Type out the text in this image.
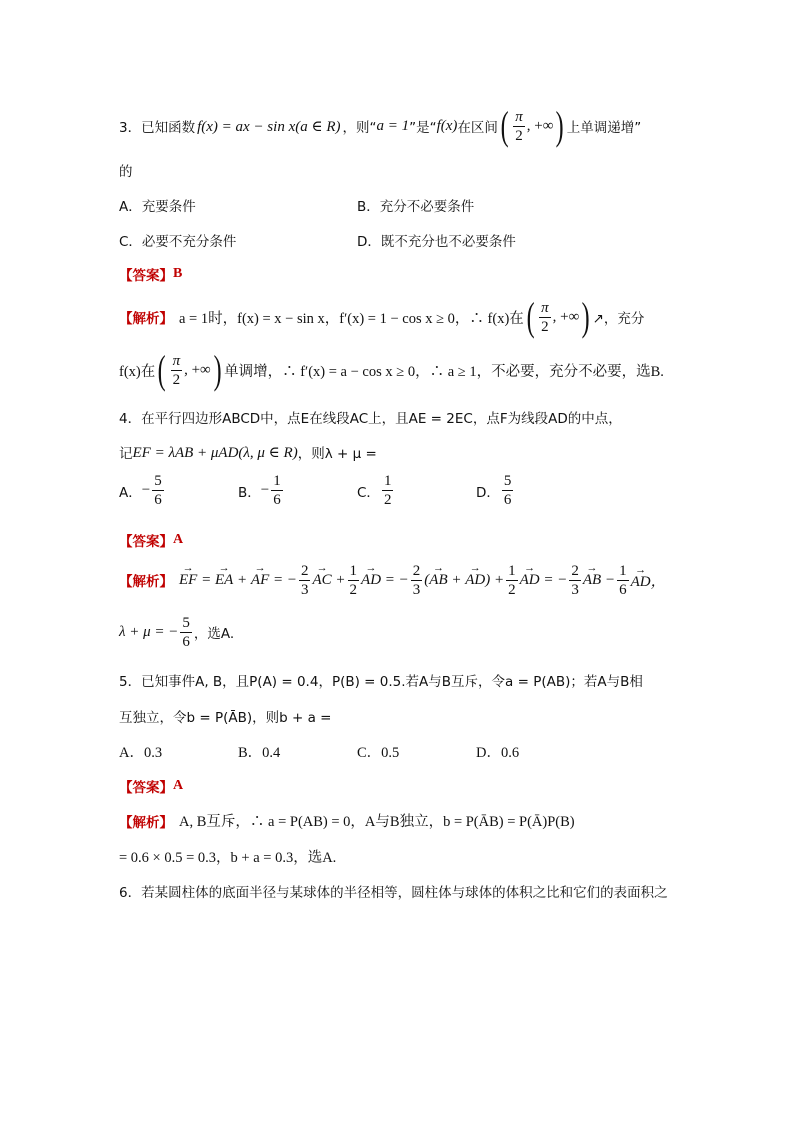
3．已知函数 f(x) = ax − sin x(a ∈ R) ，则“ a = 1 ”是“ f(x) 在区间 ( $\frac{\pi}{2}$ , +∞ ) 上单调递增”
的
A．充要条件	B．充分不必要条件
C．必要不充分条件	D．既不充分也不必要条件
【答案】 B
【解析】 a = 1时，f(x) = x − sin x，f′(x) = 1 − cos x ≥ 0，∴ f(x)在 ( $\frac{\pi}{2}$ , +∞ ) ↗，充分
f(x)在 ( $\frac{\pi}{2}$ , +∞ ) 单调增，∴ f′(x) = a − cos x ≥ 0，∴ a ≥ 1，不必要，充分不必要，选B.
4．在平行四边形ABCD中，点E在线段AC上，且AE = 2EC，点F为线段AD的中点，
记 EF = λAB + μAD(λ, μ ∈ R) ，则λ + μ =
A． − $\frac{5}{6}$	B． − $\frac{1}{6}$	C． $\frac{1}{2}$	D． $\frac{5}{6}$
【答案】 A
【解析】 → EF = → EA + → AF = − $\frac{2}{3}$ → AC + $\frac{1}{2}$ → AD = − $\frac{2}{3}$ (→ AB + → $AD) + \frac{1}{2}$ → AD = − $\frac{2}{3}$ → AB − $\frac{1}{6}$ → AD，
λ + μ = − $\frac{5}{6}$ ，选A.
5．已知事件A, B，且P(A) = 0.4，P(B) = 0.5.若A与B互斥，令a = P(AB)；若A与B相
互独立，令b = P(ĀB)，则b + a =
A．0.3	B．0.4	C．0.5	D．0.6
【答案】 A
【解析】 A, B互斥，∴ a = P(AB) = 0，A与B独立，b = P(ĀB) = P(Ā)P(B)
= 0.6 × 0.5 = 0.3，b + a = 0.3，选A.
6．若某圆柱体的底面半径与某球体的半径相等，圆柱体与球体的体积之比和它们的表面积之
